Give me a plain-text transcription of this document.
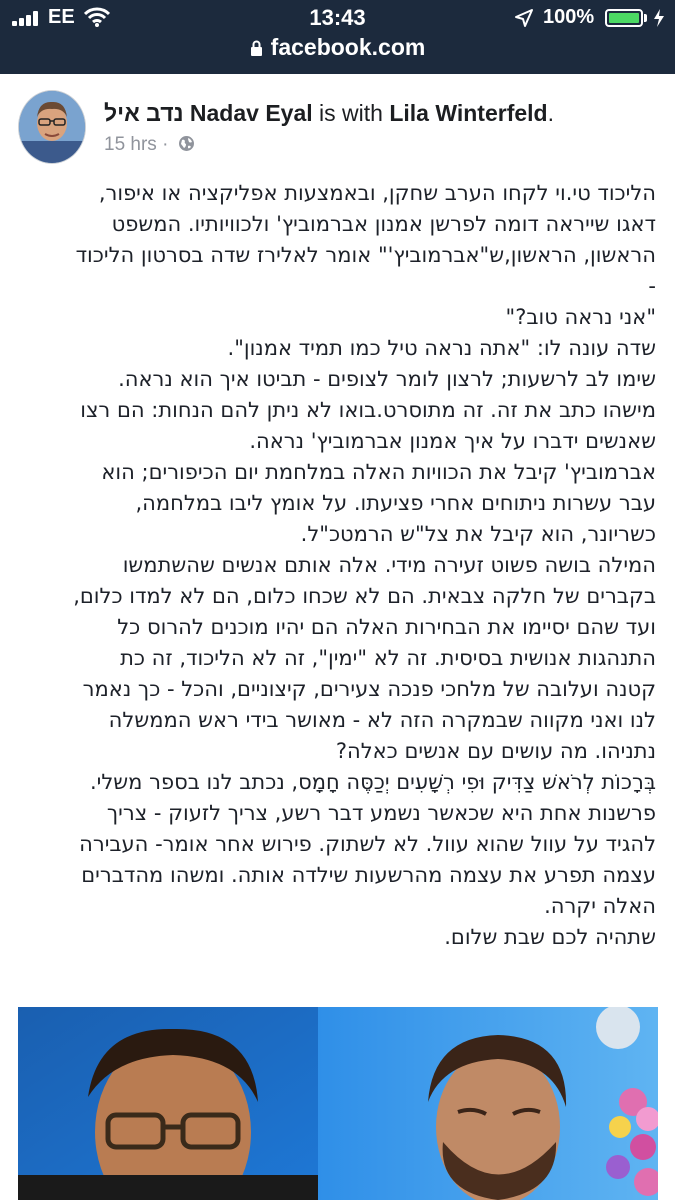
EE	13:43	100%
facebook.com
נדב איל Nadav Eyal is with Lila Winterfeld.
15 hrs ·

הליכוד טי.וי לקחו הערב שחקן, ובאמצעות אפליקציה או איפור,

דאגו שייראה דומה לפרשן אמנון אברמוביץ' ולכוויותיו. המשפט

הראשון, הראשון,ש"אברמוביץ'" אומר לאלירז שדה בסרטון הליכוד

-

"אני נראה טוב?"

שדה עונה לו: "אתה נראה טיל כמו תמיד אמנון".

שימו לב לרשעות; לרצון לומר לצופים - תביטו איך הוא נראה.

מישהו כתב את זה. זה מתוסרט.בואו לא ניתן להם הנחות: הם רצו

שאנשים ידברו על איך אמנון אברמוביץ' נראה.

אברמוביץ' קיבל את הכוויות האלה במלחמת יום הכיפורים; הוא

עבר עשרות ניתוחים אחרי פציעתו. על אומץ ליבו במלחמה,

כשריונר, הוא קיבל את צל"ש הרמטכ"ל.

המילה בושה פשוט זעירה מידי. אלה אותם אנשים שהשתמשו

בקברים של חלקה צבאית. הם לא שכחו כלום, הם לא למדו כלום,

ועד שהם יסיימו את הבחירות האלה הם יהיו מוכנים להרוס כל

התנהגות אנושית בסיסית. זה לא "ימין", זה לא הליכוד, זה כת

קטנה ועלובה של מלחכי פנכה צעירים, קיצוניים, והכל - כך נאמר

לנו ואני מקווה שבמקרה הזה לא - מאושר בידי ראש הממשלה

נתניהו. מה עושים עם אנשים כאלה?

בְּרָכוֹת לְרֹאשׁ צַדִּיק וּפִי רְשָׁעִים יְכַסֶּה חָמָס, נכתב לנו בספר משלי.

פרשנות אחת היא שכאשר נשמע דבר רשע, צריך לזעוק - צריך

להגיד על עוול שהוא עוול. לא לשתוק. פירוש אחר אומר- העבירה

עצמה תפרע את עצמה מהרשעות שילדה אותה. ומשהו מהדברים

האלה יקרה.

שתהיה לכם שבת שלום.
